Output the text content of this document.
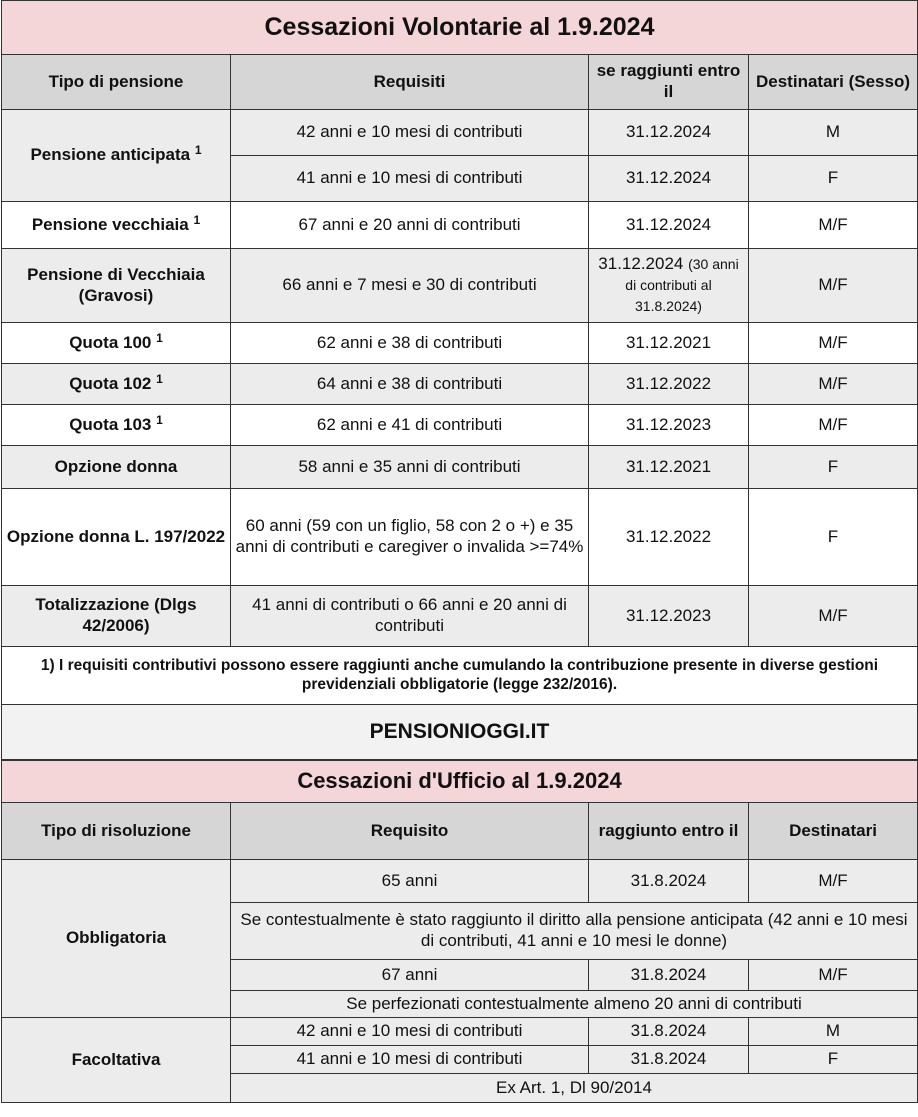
Cessazioni Volontarie al 1.9.2024			
Tipo di pensione	Requisiti	se raggiunti entro il	Destinatari (Sesso)
Pensione anticipata $^1$	42 anni e 10 mesi di contributi	31.12.2024	M
	41 anni e 10 mesi di contributi	31.12.2024	F
Pensione vecchiaia $^1$	67 anni e 20 anni di contributi	31.12.2024	M/F
Pensione di Vecchiaia (Gravosi)	66 anni e 7 mesi e 30 di contributi	31.12.2024 (30 anni di contributi al 31.8.2024)	M/F
Quota 100 $^1$	62 anni e 38 di contributi	31.12.2021	M/F
Quota 102 $^1$	64 anni e 38 di contributi	31.12.2022	M/F
Quota 103 $^1$	62 anni e 41 di contributi	31.12.2023	M/F
Opzione donna	58 anni e 35 anni di contributi	31.12.2021	F
Opzione donna L. 197/2022	60 anni (59 con un figlio, 58 con 2 o +) e 35 anni di contributi e caregiver o invalida >=74%	31.12.2022	F
Totalizzazione (Dlgs 42/2006)	41 anni di contributi o 66 anni e 20 anni di contributi	31.12.2023	M/F
1) I requisiti contributivi possono essere raggiunti anche cumulando la contribuzione presente in diverse gestioni previdenziali obbligatorie (legge 232/2016).			
PENSIONIOGGI.IT			
Cessazioni d'Ufficio al 1.9.2024			
Tipo di risoluzione	Requisito	raggiunto entro il	Destinatari
Obbligatoria	65 anni	31.8.2024	M/F
	Se contestualmente è stato raggiunto il diritto alla pensione anticipata (42 anni e 10 mesi di contributi, 41 anni e 10 mesi le donne)		
	67 anni	31.8.2024	M/F
	Se perfezionati contestualmente almeno 20 anni di contributi		
Facoltativa	42 anni e 10 mesi di contributi	31.8.2024	M
	41 anni e 10 mesi di contributi	31.8.2024	F
	Ex Art. 1, Dl 90/2014		
